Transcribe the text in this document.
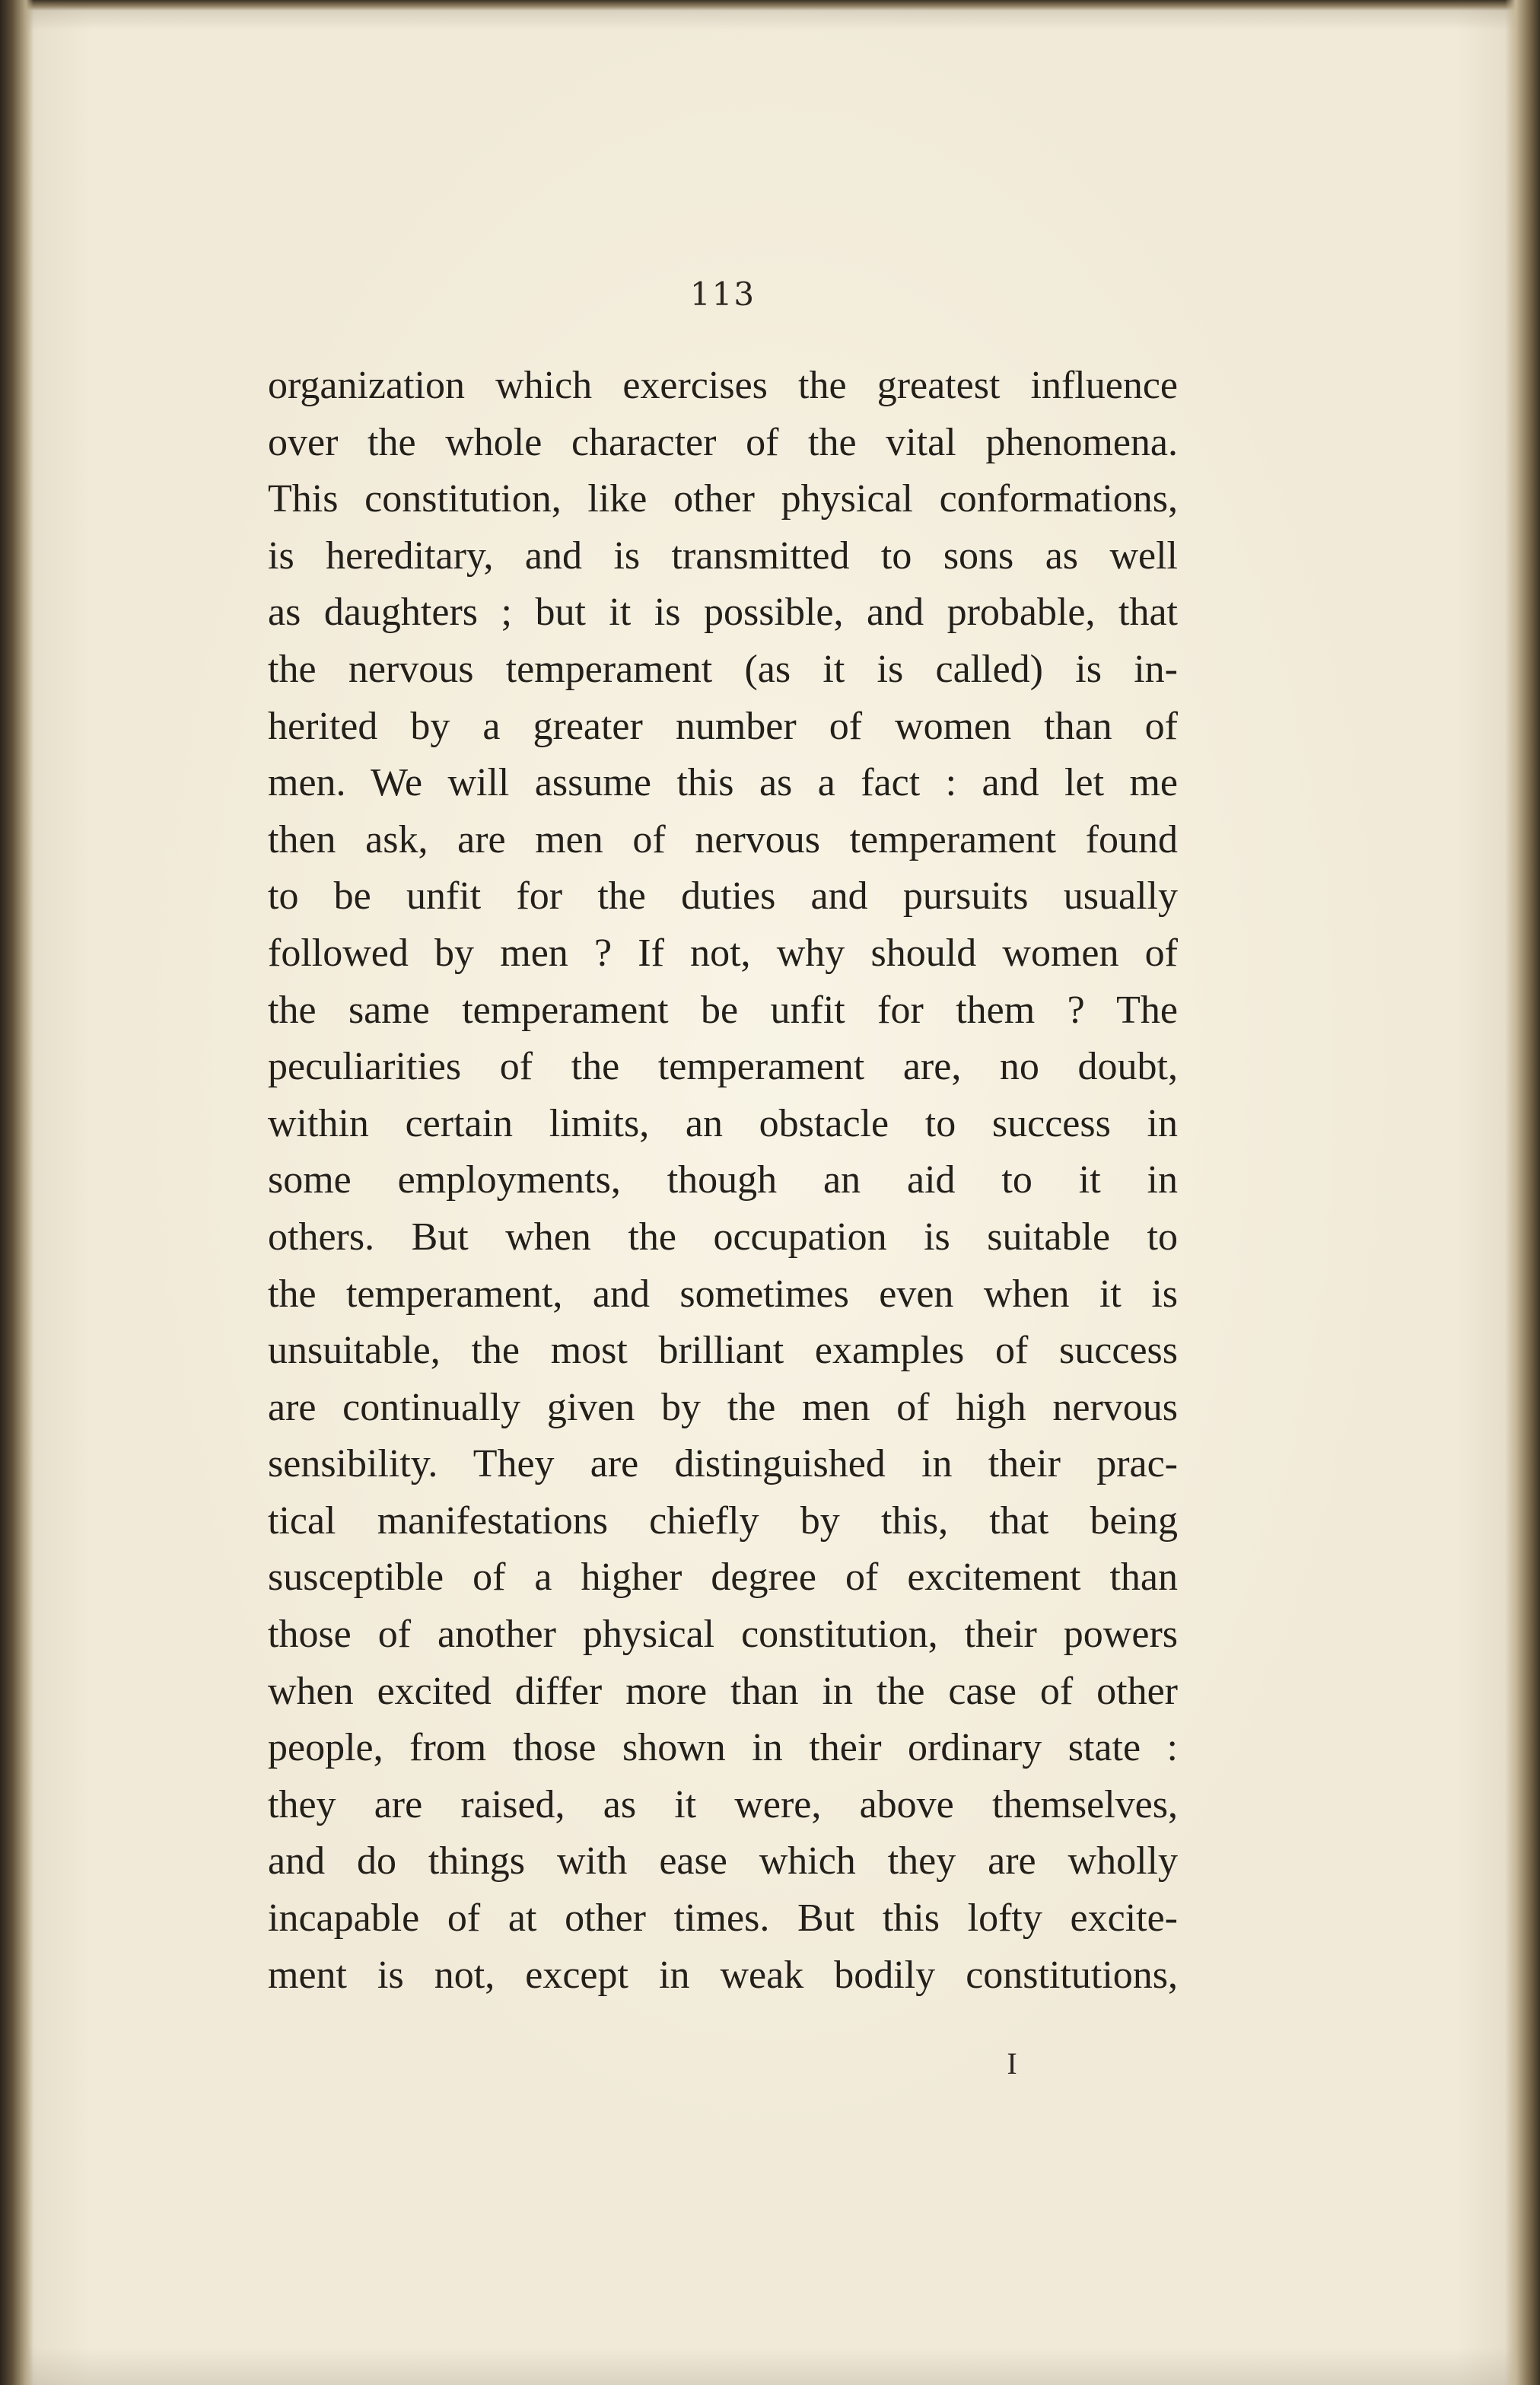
113
organization which exercises the greatest influence
over the whole character of the vital phenomena.
This constitution, like other physical conformations,
is hereditary, and is transmitted to sons as well
as daughters ; but it is possible, and probable, that
the nervous temperament (as it is called) is in-
herited by a greater number of women than of
men. We will assume this as a fact : and let me
then ask, are men of nervous temperament found
to be unfit for the duties and pursuits usually
followed by men ? If not, why should women of
the same temperament be unfit for them ? The
peculiarities of the temperament are, no doubt,
within certain limits, an obstacle to success in
some employments, though an aid to it in
others. But when the occupation is suitable to
the temperament, and sometimes even when it is
unsuitable, the most brilliant examples of success
are continually given by the men of high nervous
sensibility. They are distinguished in their prac-
tical manifestations chiefly by this, that being
susceptible of a higher degree of excitement than
those of another physical constitution, their powers
when excited differ more than in the case of other
people, from those shown in their ordinary state :
they are raised, as it were, above themselves,
and do things with ease which they are wholly
incapable of at other times. But this lofty excite-
ment is not, except in weak bodily constitutions,
I
